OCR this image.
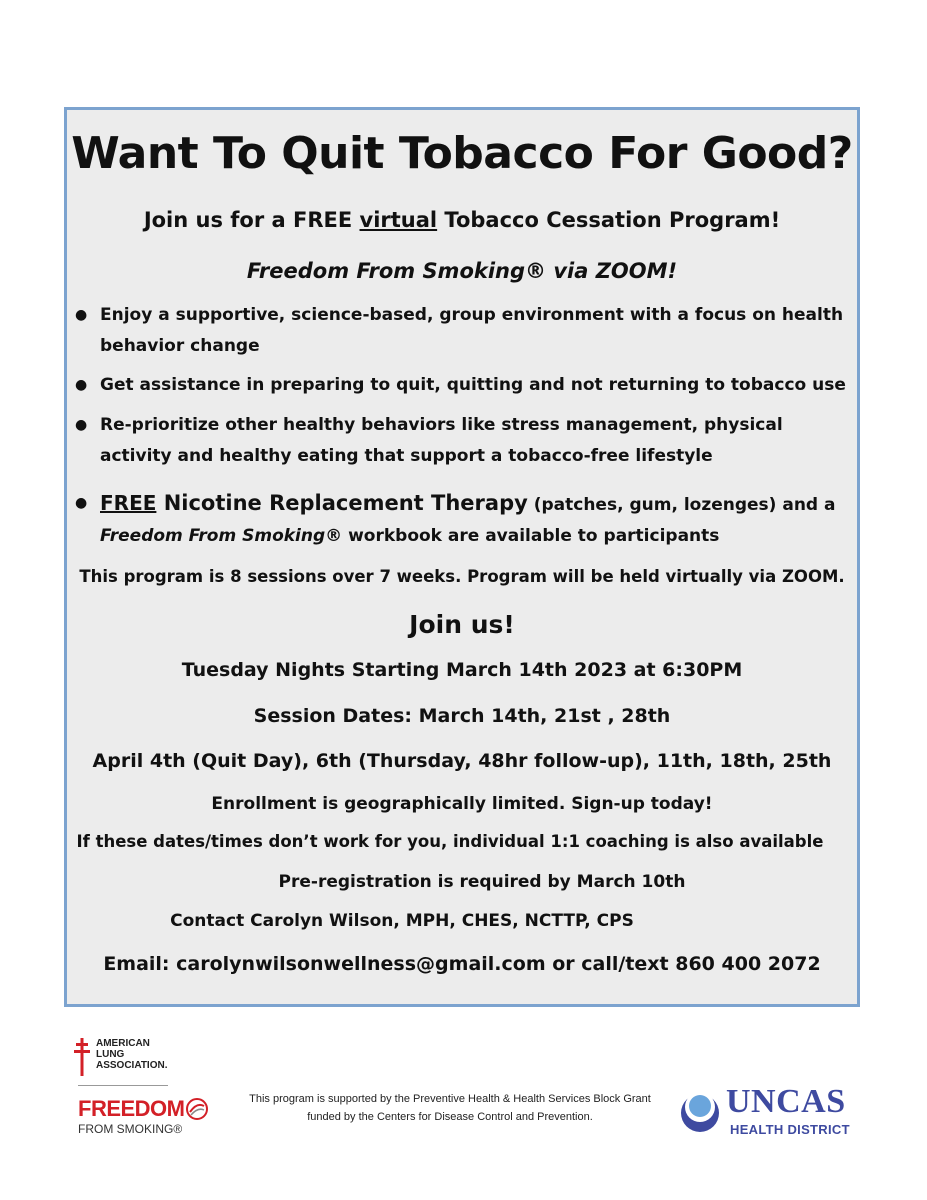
Want To Quit Tobacco For Good?
Join us for a FREE virtual Tobacco Cessation Program!
Freedom From Smoking® via ZOOM!
● Enjoy a supportive, science-based, group environment with a focus on health behavior change
● Get assistance in preparing to quit, quitting and not returning to tobacco use
● Re-prioritize other healthy behaviors like stress management, physical activity and healthy eating that support a tobacco-free lifestyle
● FREE Nicotine Replacement Therapy (patches, gum, lozenges) and a Freedom From Smoking® workbook are available to participants
This program is 8 sessions over 7 weeks. Program will be held virtually via ZOOM.
Join us!
Tuesday Nights Starting March 14th 2023 at 6:30PM
Session Dates: March 14th, 21st , 28th
April 4th (Quit Day), 6th (Thursday, 48hr follow-up), 11th, 18th, 25th
Enrollment is geographically limited. Sign-up today!
If these dates/times don’t work for you, individual 1:1 coaching is also available
Pre-registration is required by March 10th
Contact Carolyn Wilson, MPH, CHES, NCTTP, CPS
Email: carolynwilsonwellness@gmail.com or call/text 860 400 2072
AMERICAN
LUNG
ASSOCIATION.
FREEDOM
FROM SMOKING®
This program is supported by the Preventive Health & Health Services Block Grant
funded by the Centers for Disease Control and Prevention.	UNCAS
HEALTH DISTRICT
